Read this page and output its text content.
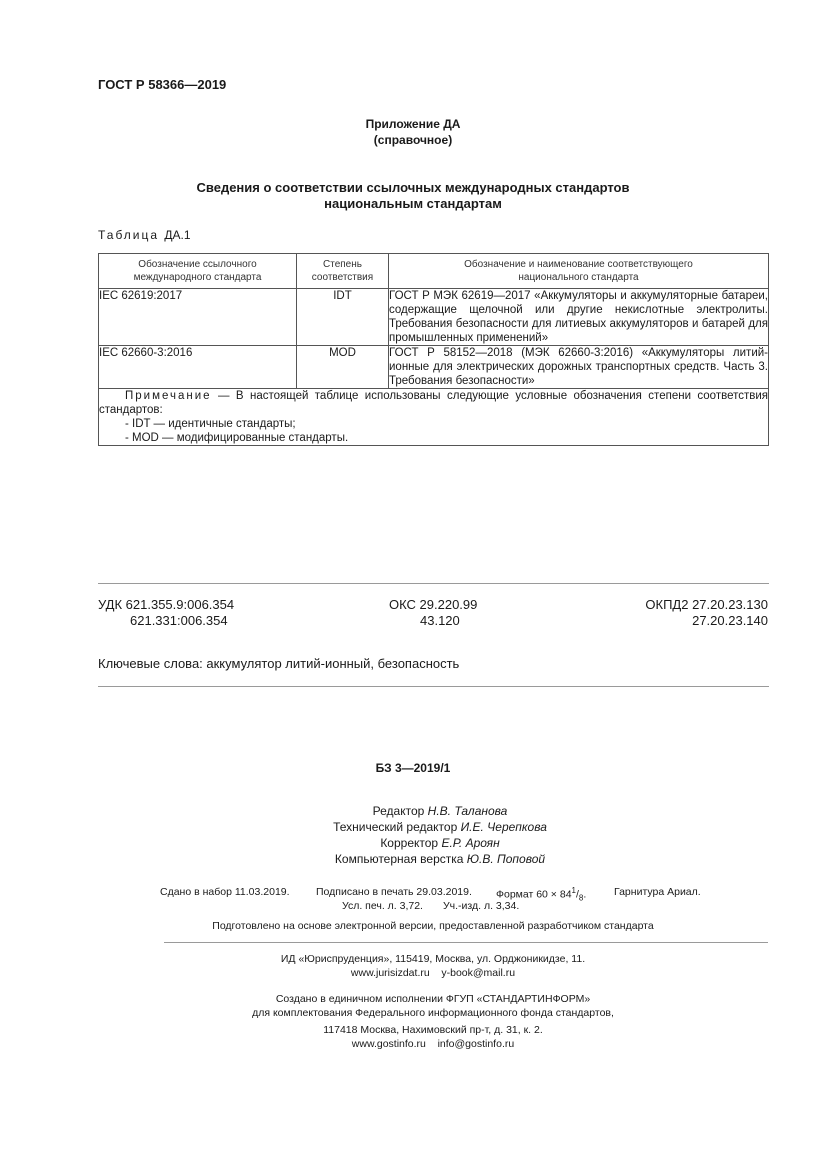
ГОСТ Р 58366—2019
Приложение ДА
(справочное)
Сведения о соответствии ссылочных международных стандартов
национальным стандартам
Таблица ДА.1
Обозначение ссылочного
международного стандарта	Степень
соответствия	Обозначение и наименование соответствующего
национального стандарта
IEC 62619:2017	IDT	ГОСТ Р МЭК 62619—2017 «Аккумуляторы и аккумуляторные батареи, содержащие щелочной или другие некислотные электролиты. Требования безопасности для литиевых аккумуляторов и батарей для промышленных применений»
IEC 62660-3:2016	MOD	ГОСТ Р 58152—2018 (МЭК 62660-3:2016) «Аккумуляторы литий-ионные для электрических дорожных транспортных средств. Часть 3. Требования безопасности»
Примечание — В настоящей таблице использованы следующие условные обозначения степени соответствия стандартов:
- IDT — идентичные стандарты;
- MOD — модифицированные стандарты.
УДК 621.355.9:006.354
621.331:006.354
ОКС 29.220.99
43.120
ОКПД2 27.20.23.130
27.20.23.140
Ключевые слова: аккумулятор литий-ионный, безопасность
БЗ 3—2019/1
Редактор Н.В. Таланова
Технический редактор И.Е. Черепкова
Корректор Е.Р. Ароян
Компьютерная верстка Ю.В. Поповой
Сдано в набор 11.03.2019.	Подписано в печать 29.03.2019. Формат $60 \times 84^1/_8$.	Гарнитура Ариал.
Усл. печ. л. 3,72. Уч.-изд. л. 3,34.
Подготовлено на основе электронной версии, предоставленной разработчиком стандарта
ИД «Юриспруденция», 115419, Москва, ул. Орджоникидзе, 11.
www.jurisizdat.ru y-book@mail.ru
Создано в единичном исполнении ФГУП «СТАНДАРТИНФОРМ»
для комплектования Федерального информационного фонда стандартов,
117418 Москва, Нахимовский пр-т, д. 31, к. 2.
www.gostinfo.ru info@gostinfo.ru
